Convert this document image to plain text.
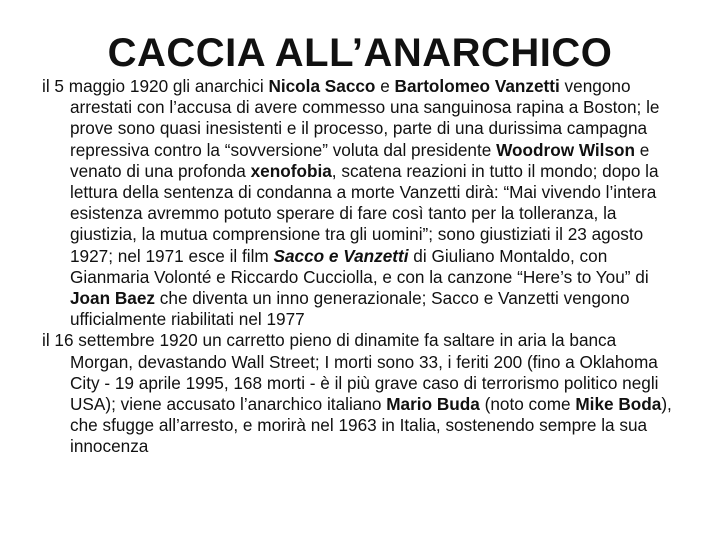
CACCIA ALL’ANARCHICO

il 5 maggio 1920 gli anarchici Nicola Sacco e Bartolomeo Vanzetti vengono arrestati con l’accusa di avere commesso una sanguinosa rapina a Boston; le prove sono quasi inesistenti e il processo, parte di una durissima campagna repressiva contro la “sovversione” voluta dal presidente Woodrow Wilson e venato di una profonda xenofobia, scatena reazioni in tutto il mondo; dopo la lettura della sentenza di condanna a morte Vanzetti dirà: “Mai vivendo l’intera esistenza avremmo potuto sperare di fare così tanto per la tolleranza, la giustizia, la mutua comprensione tra gli uomini”; sono giustiziati il 23 agosto 1927; nel 1971 esce il film Sacco e Vanzetti di Giuliano Montaldo, con Gianmaria Volonté e Riccardo Cucciolla, e con la canzone “Here’s to You” di Joan Baez che diventa un inno generazionale; Sacco e Vanzetti vengono ufficialmente riabilitati nel 1977

il 16 settembre 1920 un carretto pieno di dinamite fa saltare in aria la banca Morgan, devastando Wall Street; I morti sono 33, i feriti 200 (fino a Oklahoma City - 19 aprile 1995, 168 morti - è il più grave caso di terrorismo politico negli USA); viene accusato l’anarchico italiano Mario Buda (noto come Mike Boda), che sfugge all’arresto, e morirà nel 1963 in Italia, sostenendo sempre la sua innocenza
